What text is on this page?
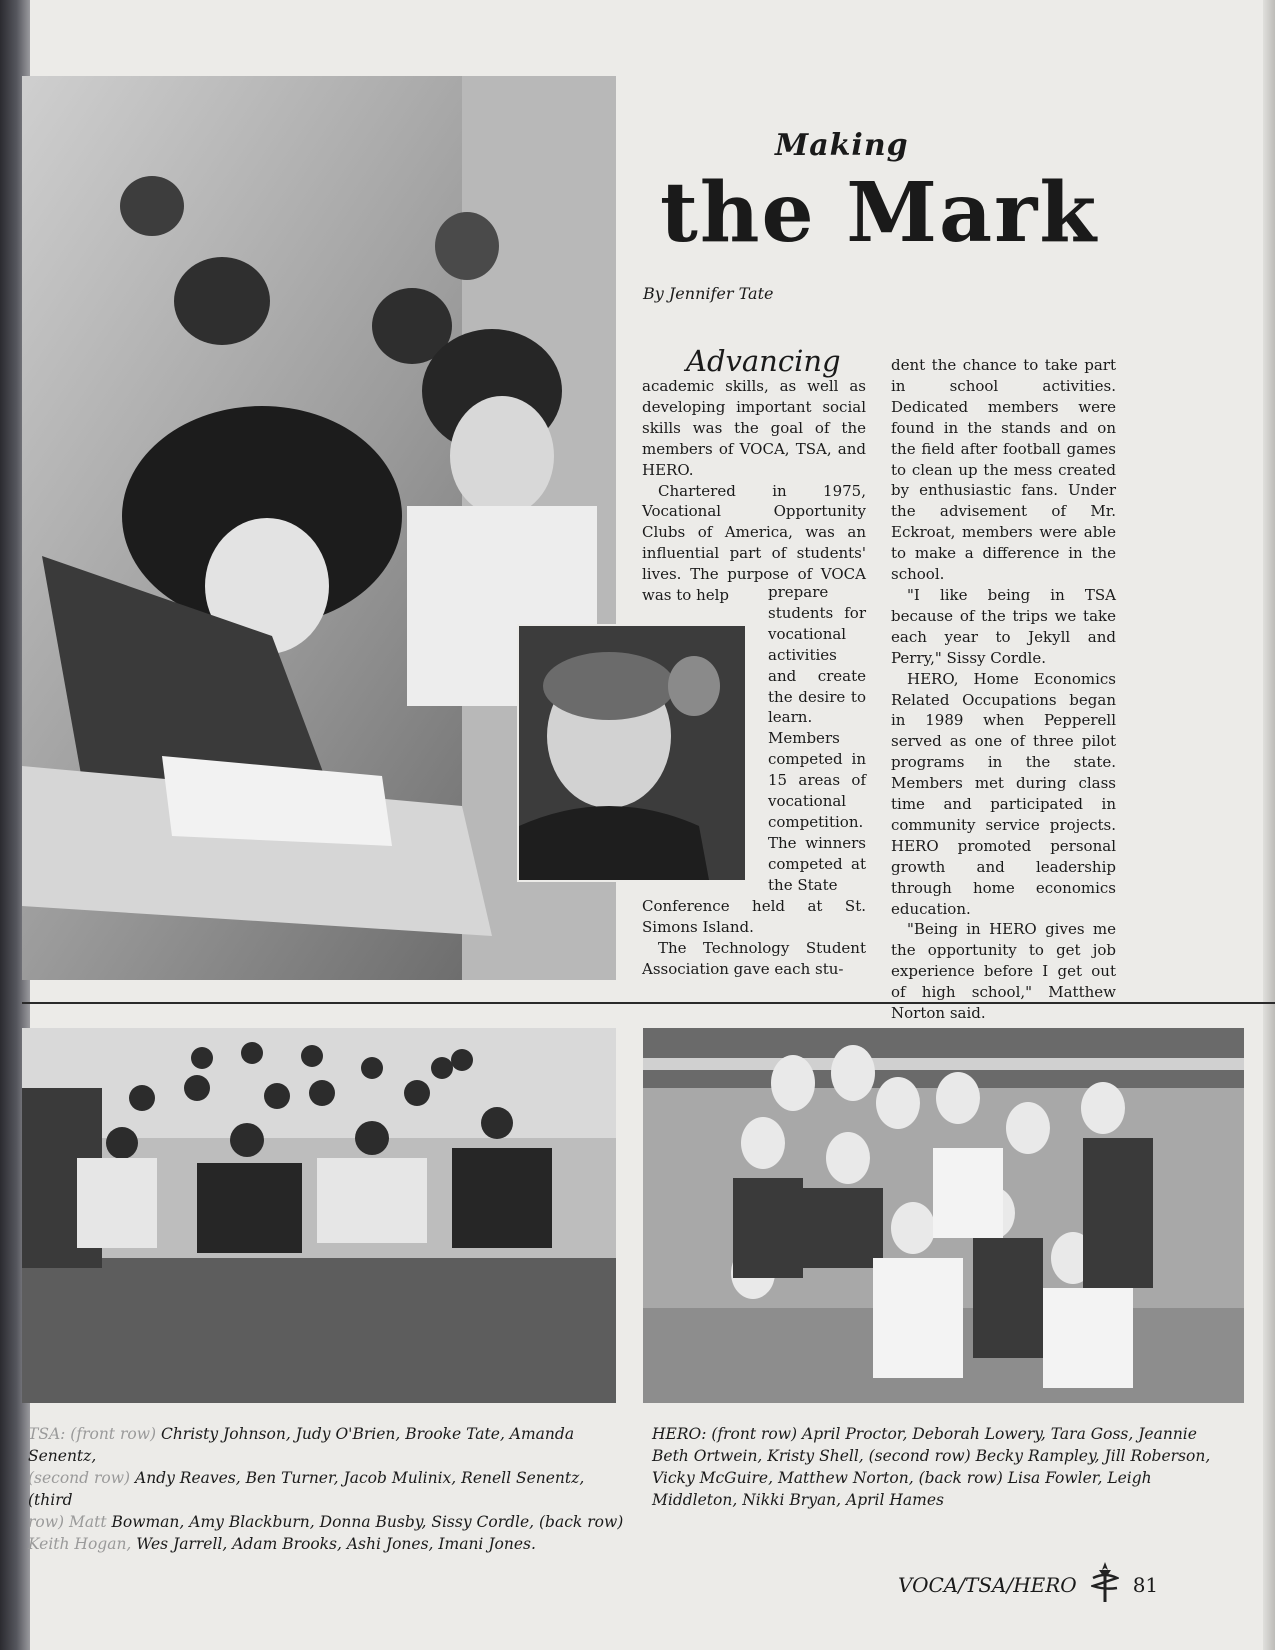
Making
the Mark
By Jennifer Tate
Advancing

academic skills, as well as developing important social skills was the goal of the members of VOCA, TSA, and HERO.

Chartered in 1975, Vocational Opportunity Clubs of America, was an influential part of students' lives. The purpose of VOCA was to help	prepare students for vocational activities and create the desire to learn. Members competed in 15 areas of vocational competition. The winners competed at the State

Conference held at St. Simons Island.

The Technology Student Association gave each stu-

dent the chance to take part in school activities. Dedicated members were found in the stands and on the field after football games to clean up the mess created by enthusiastic fans. Under the advisement of Mr. Eckroat, members were able to make a difference in the school.

"I like being in TSA because of the trips we take each year to Jekyll and Perry," Sissy Cordle.

HERO, Home Economics Related Occupations began in 1989 when Pepperell served as one of three pilot programs in the state. Members met during class time and participated in community service projects. HERO promoted personal growth and leadership through home economics education.

"Being in HERO gives me the opportunity to get job experience before I get out of high school," Matthew Norton said.

TSA: (front row) Christy Johnson, Judy O'Brien, Brooke Tate, Amanda Senentz,
(second row) Andy Reaves, Ben Turner, Jacob Mulinix, Renell Senentz, (third
row) Matt Bowman, Amy Blackburn, Donna Busby, Sissy Cordle, (back row)
Keith Hogan, Wes Jarrell, Adam Brooks, Ashi Jones, Imani Jones.

HERO: (front row) April Proctor, Deborah Lowery, Tara Goss, Jeannie Beth Ortwein, Kristy Shell, (second row) Becky Rampley, Jill Roberson, Vicky McGuire, Matthew Norton, (back row) Lisa Fowler, Leigh Middleton, Nikki Bryan, April Hames

VOCA/TSA/HERO	81
